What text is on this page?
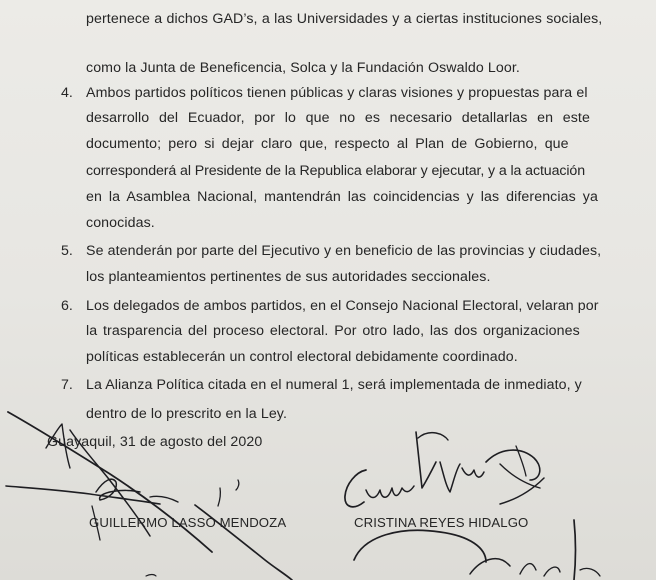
pertenece a dichos GAD’s, a las Universidades y a ciertas instituciones sociales,
como la Junta de Beneficencia, Solca y la Fundación Oswaldo Loor.
4. Ambos partidos políticos tienen públicas y claras visiones y propuestas para el
desarrollo del Ecuador, por lo que no es necesario detallarlas en este
documento; pero si dejar claro que, respecto al Plan de Gobierno, que
corresponderá al Presidente de la Republica elaborar y ejecutar, y a la actuación
en la Asamblea Nacional, mantendrán las coincidencias y las diferencias ya
conocidas.
5. Se atenderán por parte del Ejecutivo y en beneficio de las provincias y ciudades,
los planteamientos pertinentes de sus autoridades seccionales.
6. Los delegados de ambos partidos, en el Consejo Nacional Electoral, velaran por
la trasparencia del proceso electoral. Por otro lado, las dos organizaciones
políticas establecerán un control electoral debidamente coordinado.
7. La Alianza Política citada en el numeral 1, será implementada de inmediato, y
dentro de lo prescrito en la Ley.
Guayaquil, 31 de agosto del 2020
GUILLERMO LASSO MENDOZA	CRISTINA REYES HIDALGO
